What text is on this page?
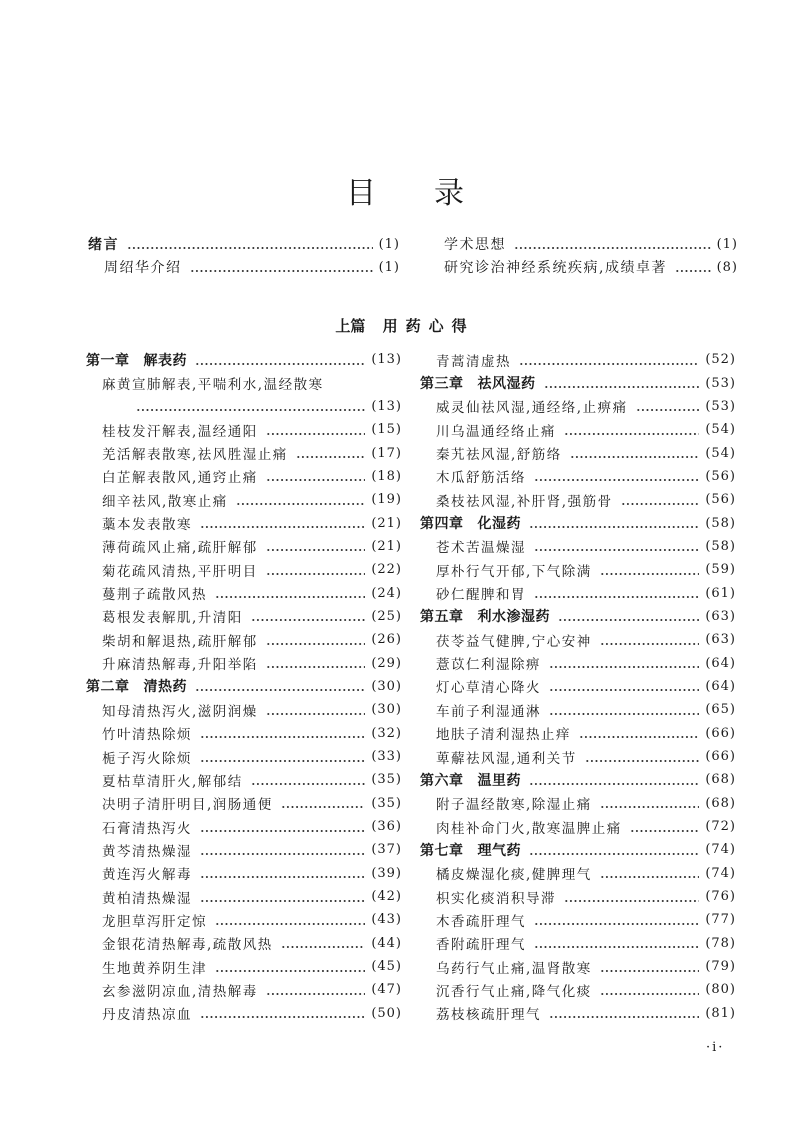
目录
上篇 用药心得
第一章 解表药	(13)
麻黄宣肺解表,平喘利水,温经散寒
(13)
桂枝发汗解表,温经通阳	(15)
羌活解表散寒,祛风胜湿止痛	(17)
白芷解表散风,通窍止痛	(18)
细辛祛风,散寒止痛	(19)
藁本发表散寒	(21)
薄荷疏风止痛,疏肝解郁	(21)
菊花疏风清热,平肝明目	(22)
蔓荆子疏散风热	(24)
葛根发表解肌,升清阳	(25)
柴胡和解退热,疏肝解郁	(26)
升麻清热解毒,升阳举陷	(29)
第二章 清热药	(30)
知母清热泻火,滋阴润燥	(30)
竹叶清热除烦	(32)
栀子泻火除烦	(33)
夏枯草清肝火,解郁结	(35)
决明子清肝明目,润肠通便	(35)
石膏清热泻火	(36)
黄芩清热燥湿	(37)
黄连泻火解毒	(39)
黄柏清热燥湿	(42)
龙胆草泻肝定惊	(43)
金银花清热解毒,疏散风热	(44)
生地黄养阴生津	(45)
玄参滋阴凉血,清热解毒	(47)
丹皮清热凉血	(50)
青蒿清虚热	(52)
第三章 祛风湿药	(53)
威灵仙祛风湿,通经络,止痹痛	(53)
川乌温通经络止痛	(54)
秦艽祛风湿,舒筋络	(54)
木瓜舒筋活络	(56)
桑枝祛风湿,补肝肾,强筋骨	(56)
第四章 化湿药	(58)
苍术苦温燥湿	(58)
厚朴行气开郁,下气除满	(59)
砂仁醒脾和胃	(61)
第五章 利水渗湿药	(63)
茯苓益气健脾,宁心安神	(63)
薏苡仁利湿除痹	(64)
灯心草清心降火	(64)
车前子利湿通淋	(65)
地肤子清利湿热止痒	(66)
萆薢祛风湿,通利关节	(66)
第六章 温里药	(68)
附子温经散寒,除湿止痛	(68)
肉桂补命门火,散寒温脾止痛	(72)
第七章 理气药	(74)
橘皮燥湿化痰,健脾理气	(74)
枳实化痰消积导滞	(76)
木香疏肝理气	(77)
香附疏肝理气	(78)
乌药行气止痛,温肾散寒	(79)
沉香行气止痛,降气化痰	(80)
荔枝核疏肝理气	(81)
·i·
绪言	(1)
周绍华介绍	(1)
学术思想	(1)
研究诊治神经系统疾病,成绩卓著	(8)
